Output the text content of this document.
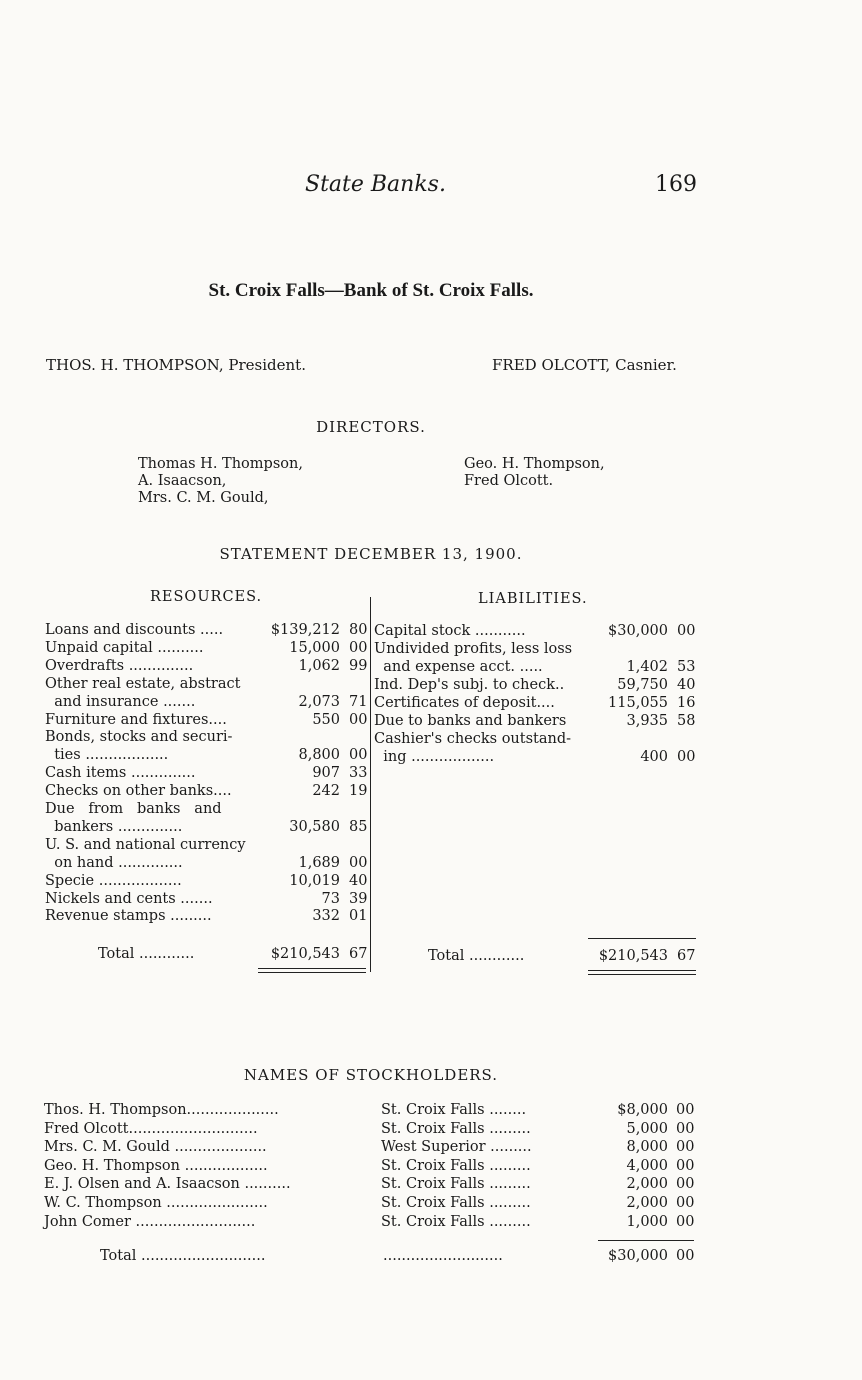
State Banks.	169
St. Croix Falls—Bank of St. Croix Falls.
THOS. H. THOMPSON, President.	FRED OLCOTT, Casnier.
DIRECTORS.
Thomas H. Thompson,
A. Isaacson,
Mrs. C. M. Gould,
Geo. H. Thompson,
Fred Olcott.
STATEMENT DECEMBER 13, 1900.
RESOURCES.	LIABILITIES.
Loans and discounts .....	$139,212 80
Unpaid capital ..........	15,000 00
Overdrafts ..............	1,062 99
Other real estate, abstract
and insurance .......	2,073 71
Furniture and fixtures....	550 00
Bonds, stocks and securi-
ties ..................	8,800 00
Cash items ..............	907 33
Checks on other banks....	242 19
Due   from   banks   and
bankers ..............	30,580 85
U. S. and national currency
on hand ..............	1,689 00
Specie ..................	10,019 40
Nickels and cents .......	73 39
Revenue stamps .........	332 01
Capital stock ...........	$30,000 00
Undivided profits, less loss
and expense acct. .....	1,402 53
Ind. Dep's subj. to check..	59,750 40
Certificates of deposit....	115,055 16
Due to banks and bankers	3,935 58
Cashier's checks outstand-
ing ..................	400 00
Total ............	$210,543 67	Total ............	$210,543 67
NAMES OF STOCKHOLDERS.
Thos. H. Thompson....................	St. Croix Falls ........	$8,000 00
Fred Olcott............................	St. Croix Falls .........	5,000 00
Mrs. C. M. Gould ....................	West Superior .........	8,000 00
Geo. H. Thompson ..................	St. Croix Falls .........	4,000 00
E. J. Olsen and A. Isaacson ..........	St. Croix Falls .........	2,000 00
W. C. Thompson ......................	St. Croix Falls .........	2,000 00
John Comer ..........................	St. Croix Falls .........	1,000 00
Total ...........................	..........................	$30,000 00
